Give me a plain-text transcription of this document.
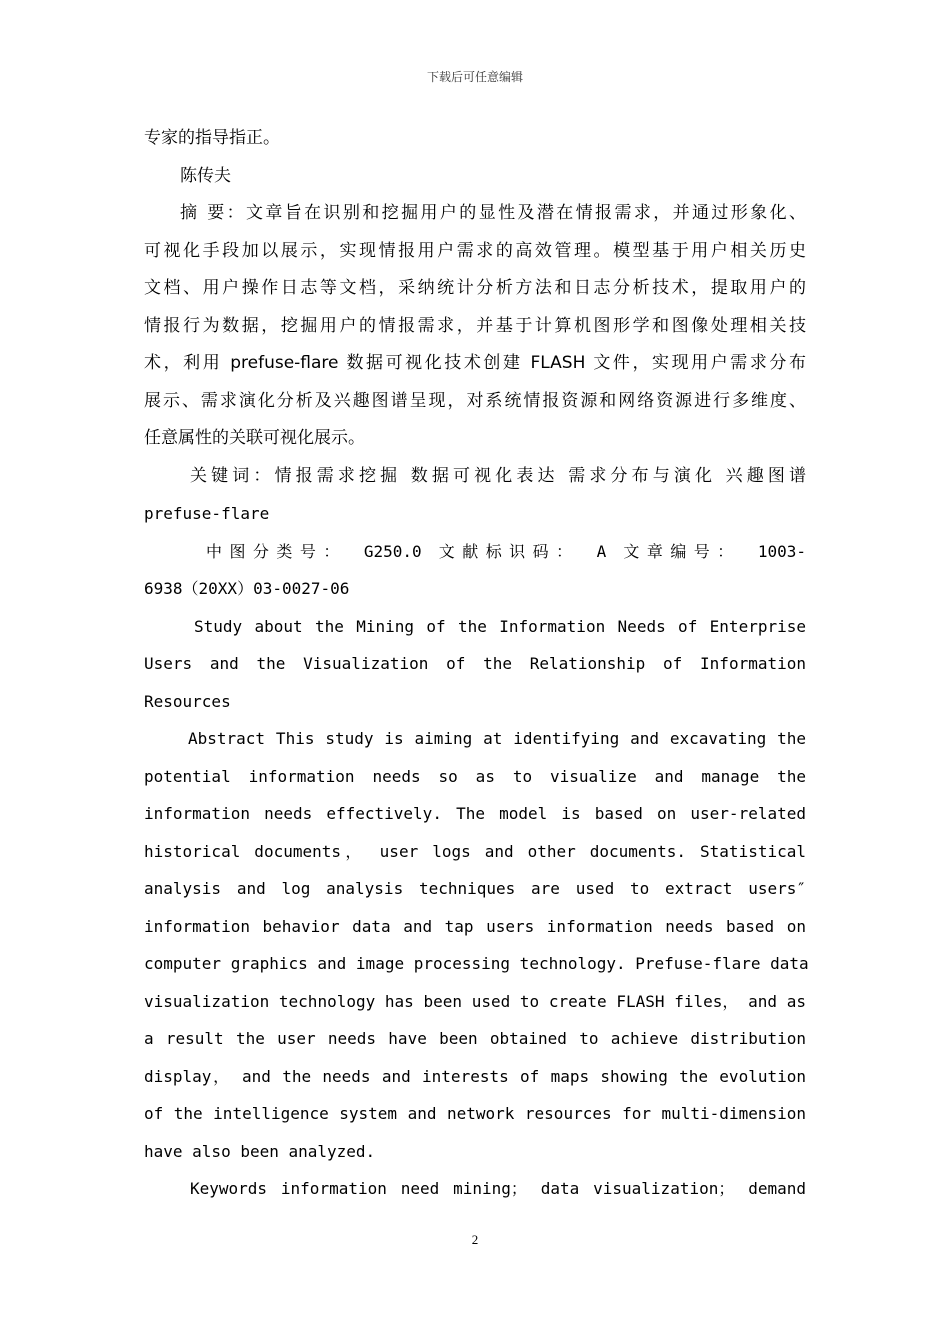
下载后可任意编辑
专家的指导指正。
陈传夫
摘 要：文章旨在识别和挖掘用户的显性及潜在情报需求，并通过形象化、
可视化手段加以展示，实现情报用户需求的高效管理。模型基于用户相关历史
文档、用户操作日志等文档，采纳统计分析方法和日志分析技术，提取用户的
情报行为数据，挖掘用户的情报需求，并基于计算机图形学和图像处理相关技
术，利用 prefuse-flare 数据可视化技术创建 FLASH 文件，实现用户需求分布
展示、需求演化分析及兴趣图谱呈现，对系统情报资源和网络资源进行多维度、
任意属性的关联可视化展示。
关键词：情报需求挖掘 数据可视化表达 需求分布与演化 兴趣图谱
prefuse-flare
中图分类号： G250.0 文献标识码： A 文章编号： 1003-
6938（20XX）03-0027-06
Study about the Mining of the Information Needs of Enterprise
Users and the Visualization of the Relationship of Information
Resources
Abstract This study is aiming at identifying and excavating the
potential information needs so as to visualize and manage the
information needs effectively. The model is based on user-related
historical documents， user logs and other documents. Statistical
analysis and log analysis techniques are used to extract users″
information behavior data and tap users information needs based on
computer graphics and image processing technology. Prefuse-flare data
visualization technology has been used to create FLASH files， and as
a result the user needs have been obtained to achieve distribution
display， and the needs and interests of maps showing the evolution
of the intelligence system and network resources for multi-dimension
have also been analyzed.
Keywords information need mining； data visualization； demand
2
